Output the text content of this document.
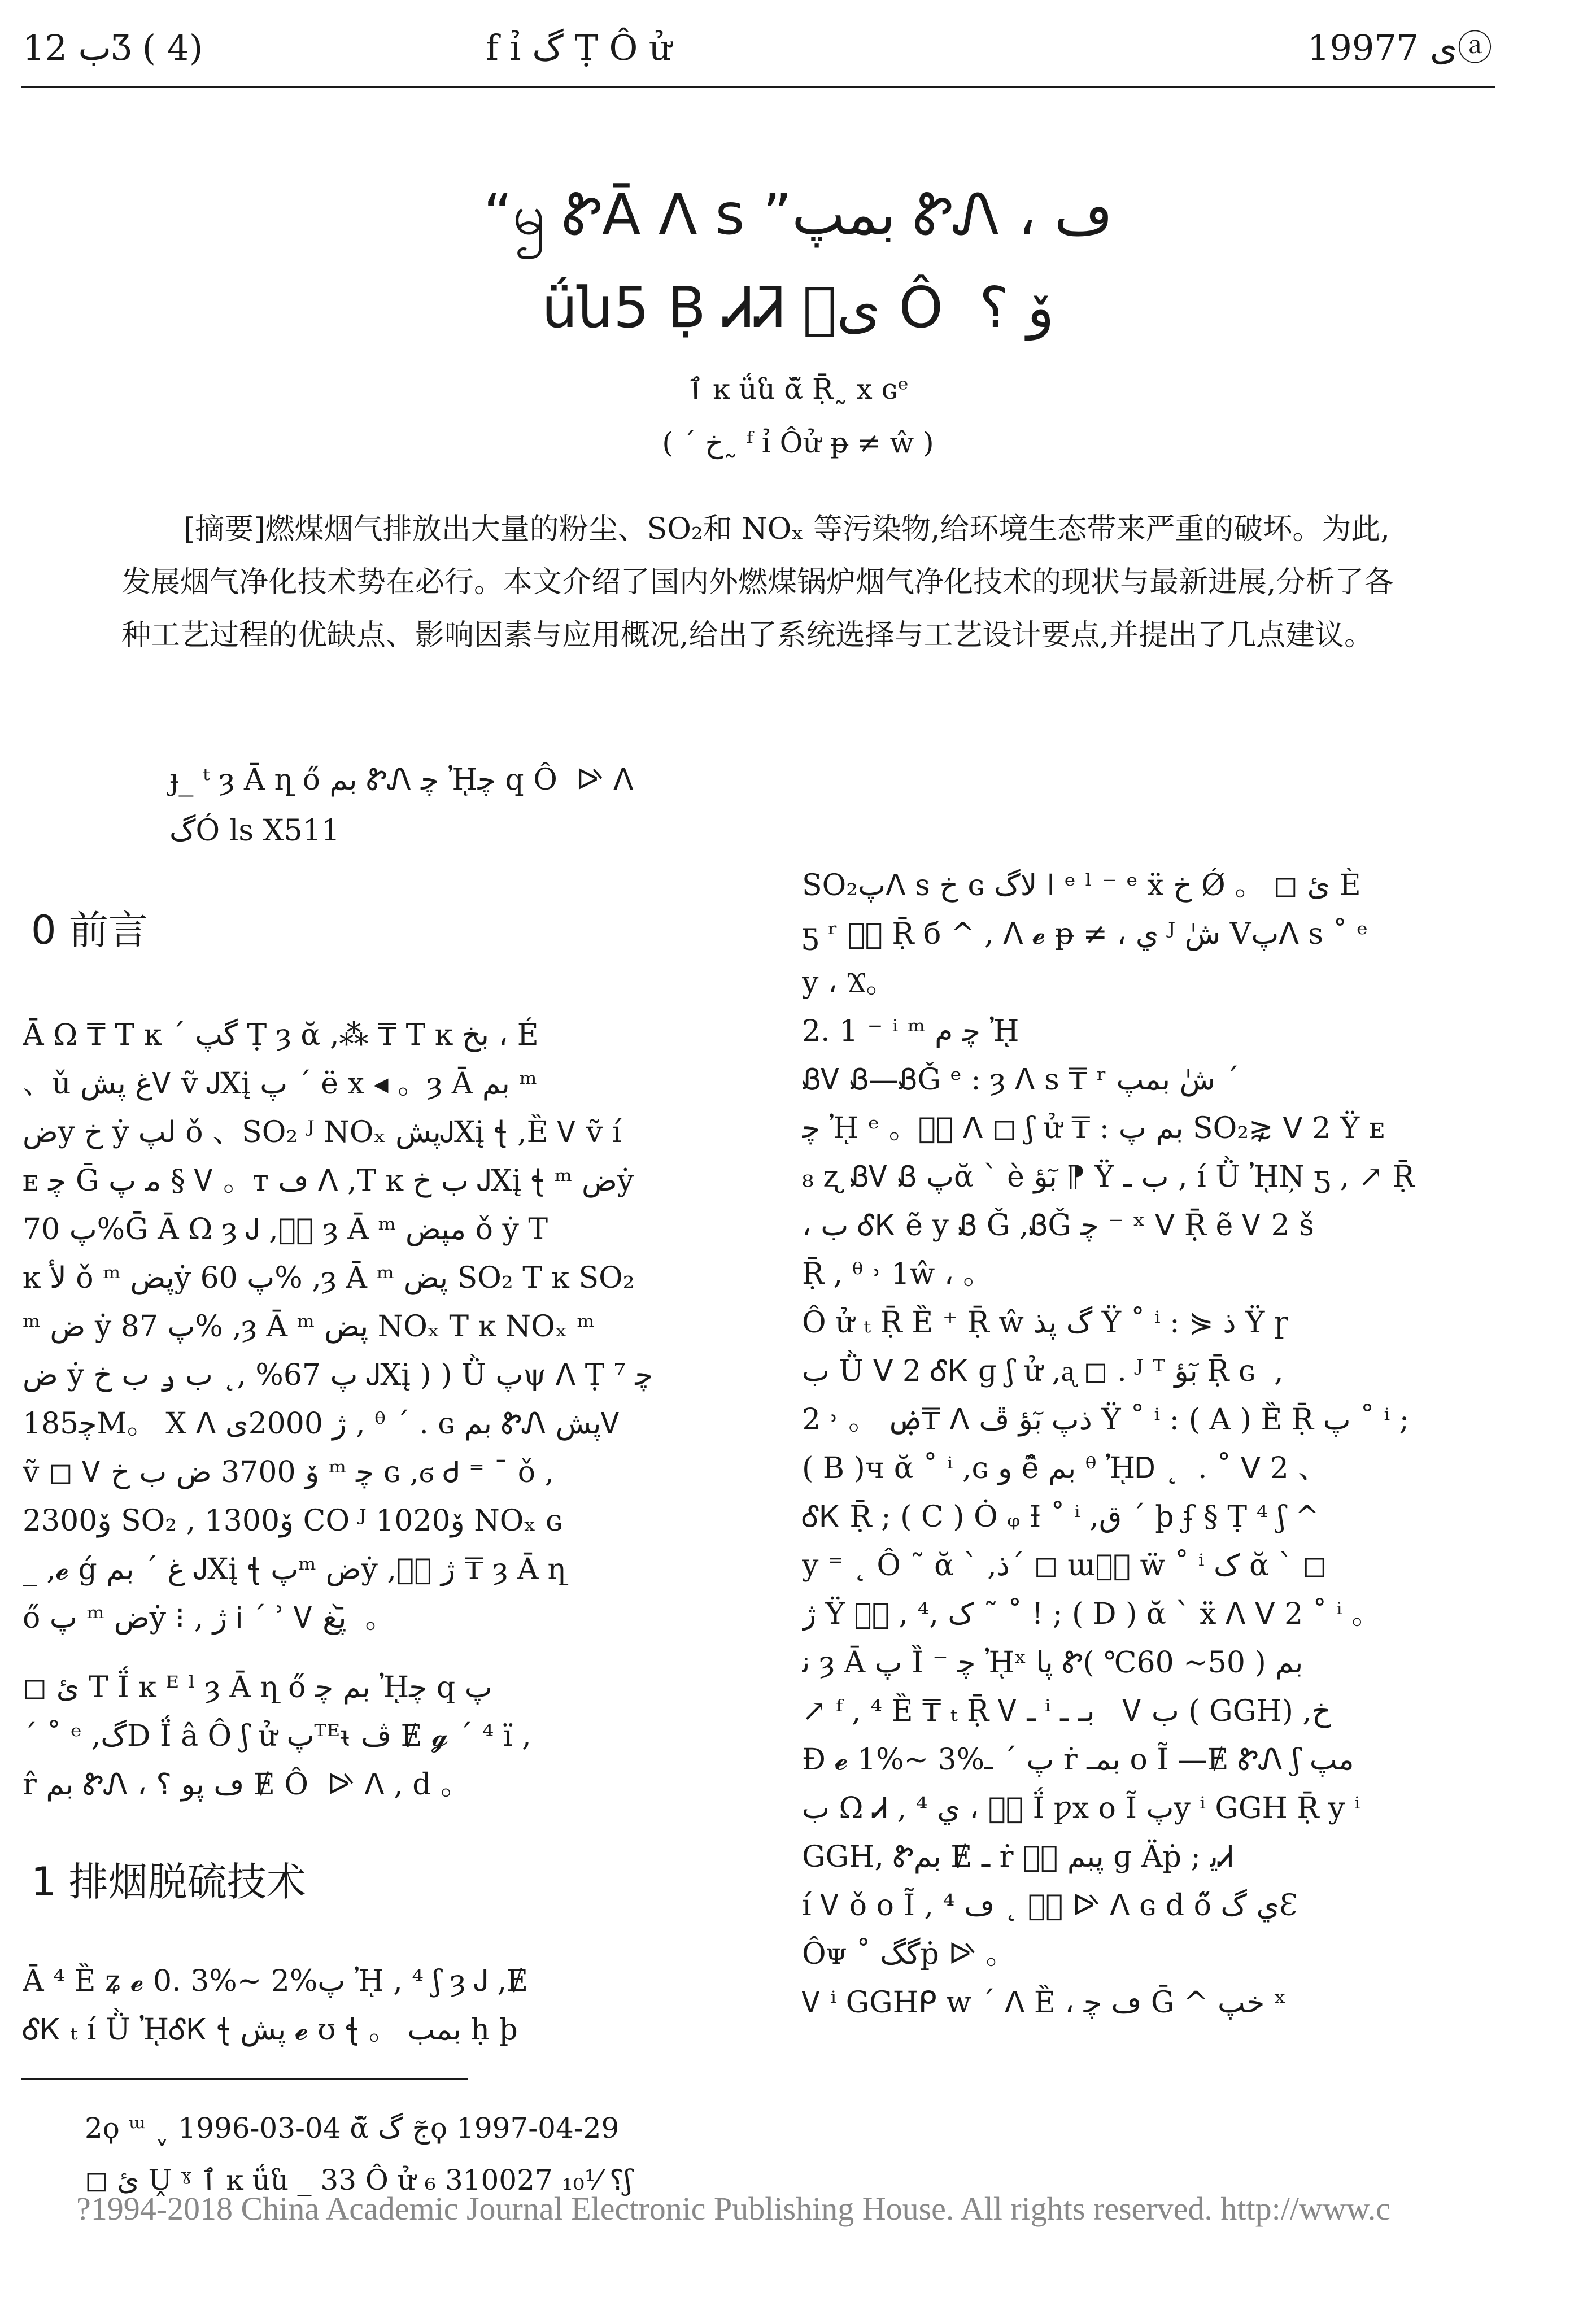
ب 12Ʒ ( 4)	f ỉ گ Ṭ Ô ử	1997ى 7ⓐ
“ၝ ᏑĀ ᐱ s ”بمپ ᏑᏁ ، ڡ
ǘն5 Ḅ ᏗᏘ ىٖ Ô ⁨⁩ ﯙ ؟
ٱ ĸ ǘն ᾰ̃ Ṝ˷ x ɢᵉ
( ˊ خ˷ ᶠ ỉ Ôử ᵽ ≠ ŵ )
[摘要]燃煤烟气排放出大量的粉尘、SO₂和 NOₓ 等污染物,给环境生态带来严重的破坏。为此,发展烟气净化技术势在必行。本文介绍了国内外燃煤锅炉烟气净化技术的现状与最新进展,分析了各种工艺过程的优缺点、影响因素与应用概况,给出了系统选择与工艺设计要点,并提出了几点建议。
ɟ_ ᵗ ȝ Ā ղ ő بم ᏑᏁ ﭼ ᾘﭼ q Ô ⁨⁩ ᐭ ᐱ
گÓ ls X511
0 前言
Ā Ω ₸ T ĸ ˊ گپ Ṭ ȝ ᾰ ,⁂ ₸ T ĸ بخ ، É
、ǔ ﻍ پشᏙ ṽ ᎫXį پ ˊ ë x ◂ 。ȝ Ā بم ᵐ
ضy خ ẏ لپ ǒ 、SO₂ ᴶ NOₓ پشᎫXį ꞎ ,Ȅ Ꮩ ṽ í
ᴇ ﭼ Ḡ ﻣ پ § Ꮩ 。ᴛ ڡ ᐱ ,T ĸ ب خ ᎫXį ꞎ ᵐ ضẏ
پ 70%Ḡ Ā Ω ȝ Ꭻ ,ىٖ ȝ Ā ᵐ مپض ǒ ẏ T
ĸ لأ ǒ ᵐ پضẏ پ 60% ,ȝ Ā ᵐ پض SO₂ T ĸ SO₂
ᵐ ض ẏ پ 87% ,ȝ Ā ᵐ پض NOₓ T ĸ NOₓ ᵐ
ض ẏ پ 67% ,˛ ب ݛ ب خ ᎫXį ) ) Ǜ پψ ᐱ Ṭ ⁷ ﭼ
185ﭼM。 X ᐱ ژ 2000ى , ᶿ ˊ . ɢ بم ᏑᏁ پشᏙ
ṽ ◻ Ꮩ ۆ 3700 ض ب خ ᵐ ﭼ ɢ ,ϭ Ꮷ ⁼ ¯ ǒ ,
2300ۆ SO₂ , 1300ۆ CO ᴶ 1020ۆ NOₓ ɢ
_ ,𝓮 ǵ ﻍ ˊ بم ᎫXį ꞎ پᵐ ضẏ ,ژ يٖ ₸ ȝ Ā ղ
ő پ ᵐ ضẏ ⁝ , ژ Ꭵ ˊ ʾ Ꮩ پغ ᷅ 。
◻ ىٔ T Ḯ ĸ ᴱ ˡ ȝ Ā ղ ő بم ﭼ ᾘﭼ q پ
ˊ ˚ ᵉ ,گD Ḯ â Ô ⁨⁩ʃ ử پᵀᴱᵼ ڤ Ɇ 𝓰 ˊ ⁴ ï ,
r̂ بم ᏑᏁ ، ڡ پو ؟ Ɇ Ô ⁨⁩ ᐭ ᐱ , d 。
1 排烟脱硫技术
Ā ⁴ Ȅ ʑ 𝓮 0. 3%~ 2%پ ᾘ , ⁴ ʃ ȝ Ꭻ ,Ɇ
ᎴᏦ ₜ í Ǜ ᾘᎴᏦ ꞎ پش 𝓮 ʊ ꞎ 。 بمب ḥ þ
2ϙ ᵚ ˬ 1996-03-04 ᾰ̃ جٓ گϙ 1997-04-29
◻ ىٔ Ṷ ˠ ٱ ĸ ǘն _ 33 Ô ử ₆ 310027 ؟ ⅟₁₀ʃ
SO₂پᐱ s خ ɢ لاگ ǀ ᵉ ˡ ⁻ ᵉ ẍ خ Ǿ 。 ◻ ىٔ È
ƽ ʳ شٜ Ṝ б ^ , ᐱ 𝓮 ᵽ ≠ ، ي ᴶ شٰ Vپᐱ s ˚ ᵉ
y ، Ϫ。
2. 1 ⁻ ⁱ ᵐ ﭼ م ᾘ
ᏰᏙ Ᏸ—ᏰǦ ᵉ : ȝ ᐱ s ₸ ʳ شٰ بمپ ˊ
ﭼ ᾘ ᵉ 。ىٖ ᐱ ◻ ʃ ử ₸ : بم پ SO₂⋧ ᐯ 2 Ÿ ᴇ
₈ ʐ ᏰᏙ Ᏸ پᾰ ` è بٓؤ ⁋ Ÿ ب ـ , í Ǜ ᾘŅ ƽ , ↗ Ṝ
، ب ᎴᏦ ẽ y Ᏸ Ǧ ,ᏰǦ ﭼ ⁻ ˣ ᐯ Ṝ ẽ Ꮩ 2 š
Ṝ , ᶿ ˒ 1ŵ ، 。
Ô ử ₜ Ṝ Ȅ ⁺ Ṝ ŵ گ پذ Ÿ ˚ ⁱ : ⋟ ذ Ÿ ɼ
ب Ǜ ᐯ 2 ᎴᏦ ɡ ʃ ử ,ᶏ ◻ . ᴶ ᵀ بٓؤ Ṝ ɢ ⁨⁩ ,
ۻ 。 ˒ 2₸ ᐱ ذپ بٓؤ ڦ Ÿ ˚ ⁱ : ( A ) Ȅ Ṝ پ ˚ ⁱ ;
( B )ч ᾰ ˚ ⁱ ,ɢ ⁨⁩و ẽ̂ بم ᶿ ᾘᎠ ˛ ⁨⁩ . ˚ ᐯ 2 、
ᎴᏦ Ṝ ; ( C ) Ȯ ᵩ Ɨ ˚ ⁱ ,ق ˊ þ ʄ § Ṭ ⁴ ʃ ^
y ⁼ ˛ Ô ˜ ᾰ ` ,ذˊ ◻ ɯىٖ ẅ ˚ ⁱ ک ᾰ ` ◻
ژ Ÿ ﮎ ,⁴ , ىٖ ˜ ˚ ! ; ( D ) ᾰ ` ẍ ᐱ ᐯ 2 ˚ ⁱ 。
ﻧ ȝ Ā پ Ȉ ⁻ ﭼ ᾘˣ پا Ꮡبم ( 50~ 60℃ )
↗ ᶠ , ⁴ Ȅ ₸ ₜ Ṝ Ꮩ ـ ⁱ بـ ـ ⁠ ⁠ Ꮩ ب ( GGH) ,خ
Ɖ 𝓮 1%~ 3%پ ˊ ـ ṙ بمـ o Ĩ —Ɇ ᏑᏁ ʃ مپ
ب Ω Ꮧ , ⁴ ﺑٖ ، ي Ḯ ƿx o Ĩ پy ⁱ GGH Ṝ y ⁱ
GGH, Ꮡبم Ɇ ـ ṙ پبم بٖ ɡ Äṗ ; ﻳᏗ
í Ꮩ ǒ o Ĩ , ⁴ بٖ ˛ ڡ ᐭ ᐱ ɢ ⁨⁩d ő̃ ي گƐ
Ôᴪ ˚ گگṗ ᐭ 。
Ꮩ ⁱ GGHᑭ w ˊ ᐱ Ȅ ، ڡ ﭼ Ḡ ^ خپ ˣ
?1994-2018 China Academic Journal Electronic Publishing House. All rights reserved. http://www.c
